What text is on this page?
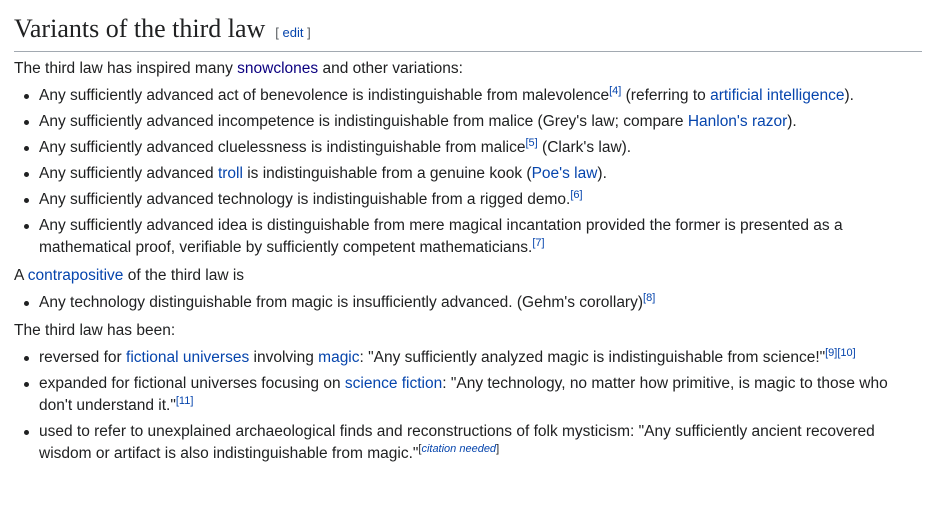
Variants of the third law [ edit ]

The third law has inspired many snowclones and other variations:

Any sufficiently advanced act of benevolence is indistinguishable from malevolence[4] (referring to artificial intelligence).
Any sufficiently advanced incompetence is indistinguishable from malice (Grey's law; compare Hanlon's razor).
Any sufficiently advanced cluelessness is indistinguishable from malice[5] (Clark's law).
Any sufficiently advanced troll is indistinguishable from a genuine kook (Poe's law).
Any sufficiently advanced technology is indistinguishable from a rigged demo.[6]
Any sufficiently advanced idea is distinguishable from mere magical incantation provided the former is presented as a mathematical proof, verifiable by sufficiently competent mathematicians.[7]

A contrapositive of the third law is

Any technology distinguishable from magic is insufficiently advanced. (Gehm's corollary)[8]

The third law has been:

reversed for fictional universes involving magic: "Any sufficiently analyzed magic is indistinguishable from science!"[9][10]
expanded for fictional universes focusing on science fiction: "Any technology, no matter how primitive, is magic to those who don't understand it."[11]
used to refer to unexplained archaeological finds and reconstructions of folk mysticism: "Any sufficiently ancient recovered wisdom or artifact is also indistinguishable from magic."[citation needed]
